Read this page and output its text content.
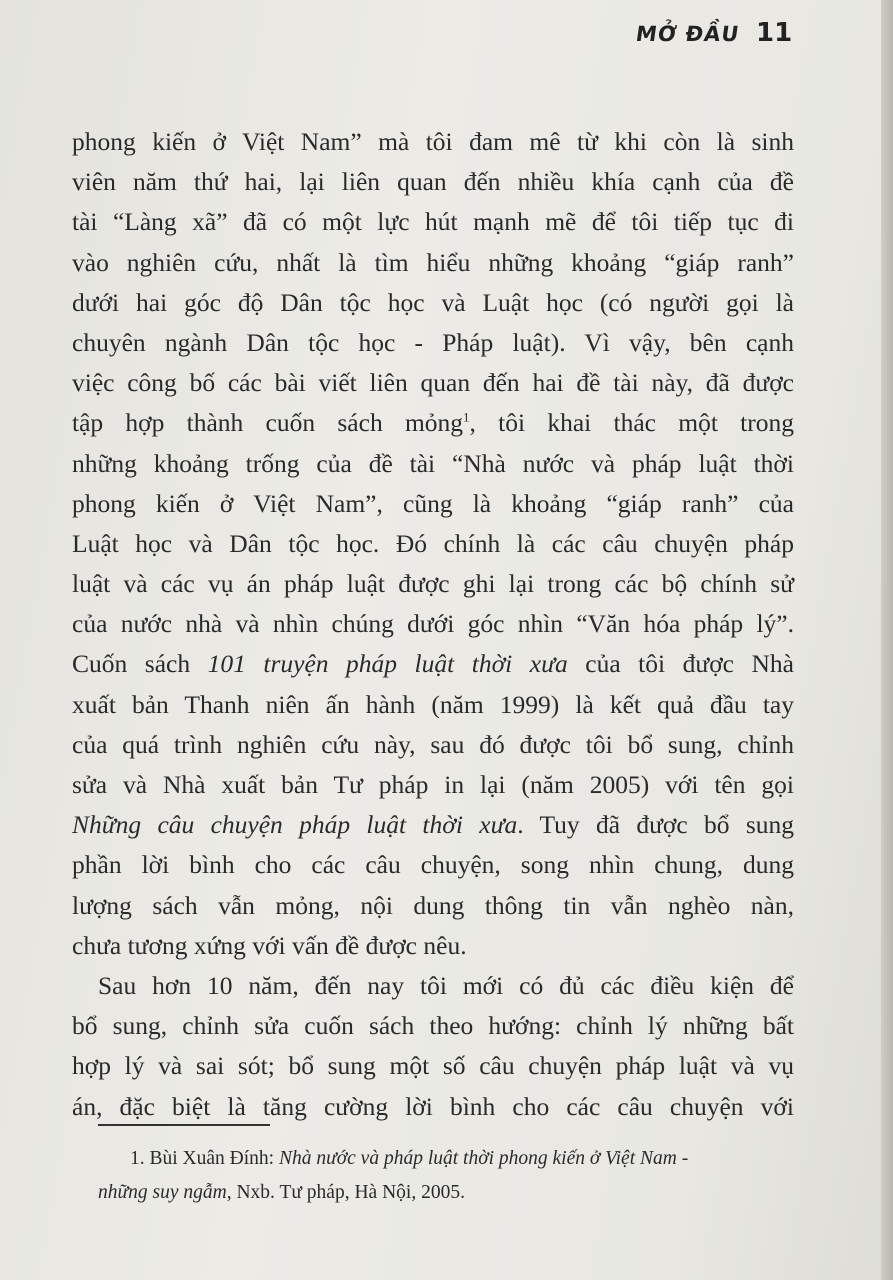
MỞ ĐẦU 11
phong kiến ở Việt Nam” mà tôi đam mê từ khi còn là sinh
viên năm thứ hai, lại liên quan đến nhiều khía cạnh của đề
tài “Làng xã” đã có một lực hút mạnh mẽ để tôi tiếp tục đi
vào nghiên cứu, nhất là tìm hiểu những khoảng “giáp ranh”
dưới hai góc độ Dân tộc học và Luật học (có người gọi là
chuyên ngành Dân tộc học - Pháp luật). Vì vậy, bên cạnh
việc công bố các bài viết liên quan đến hai đề tài này, đã được
tập hợp thành cuốn sách mỏng$^1$, tôi khai thác một trong
những khoảng trống của đề tài “Nhà nước và pháp luật thời
phong kiến ở Việt Nam”, cũng là khoảng “giáp ranh” của
Luật học và Dân tộc học. Đó chính là các câu chuyện pháp
luật và các vụ án pháp luật được ghi lại trong các bộ chính sử
của nước nhà và nhìn chúng dưới góc nhìn “Văn hóa pháp lý”.
Cuốn sách 101 truyện pháp luật thời xưa của tôi được Nhà
xuất bản Thanh niên ấn hành (năm 1999) là kết quả đầu tay
của quá trình nghiên cứu này, sau đó được tôi bổ sung, chỉnh
sửa và Nhà xuất bản Tư pháp in lại (năm 2005) với tên gọi
Những câu chuyện pháp luật thời xưa. Tuy đã được bổ sung
phần lời bình cho các câu chuyện, song nhìn chung, dung
lượng sách vẫn mỏng, nội dung thông tin vẫn nghèo nàn,
chưa tương xứng với vấn đề được nêu.
Sau hơn 10 năm, đến nay tôi mới có đủ các điều kiện để
bổ sung, chỉnh sửa cuốn sách theo hướng: chỉnh lý những bất
hợp lý và sai sót; bổ sung một số câu chuyện pháp luật và vụ
án, đặc biệt là tăng cường lời bình cho các câu chuyện với
1. Bùi Xuân Đính: Nhà nước và pháp luật thời phong kiến ở Việt Nam -
những suy ngẫm, Nxb. Tư pháp, Hà Nội, 2005.
